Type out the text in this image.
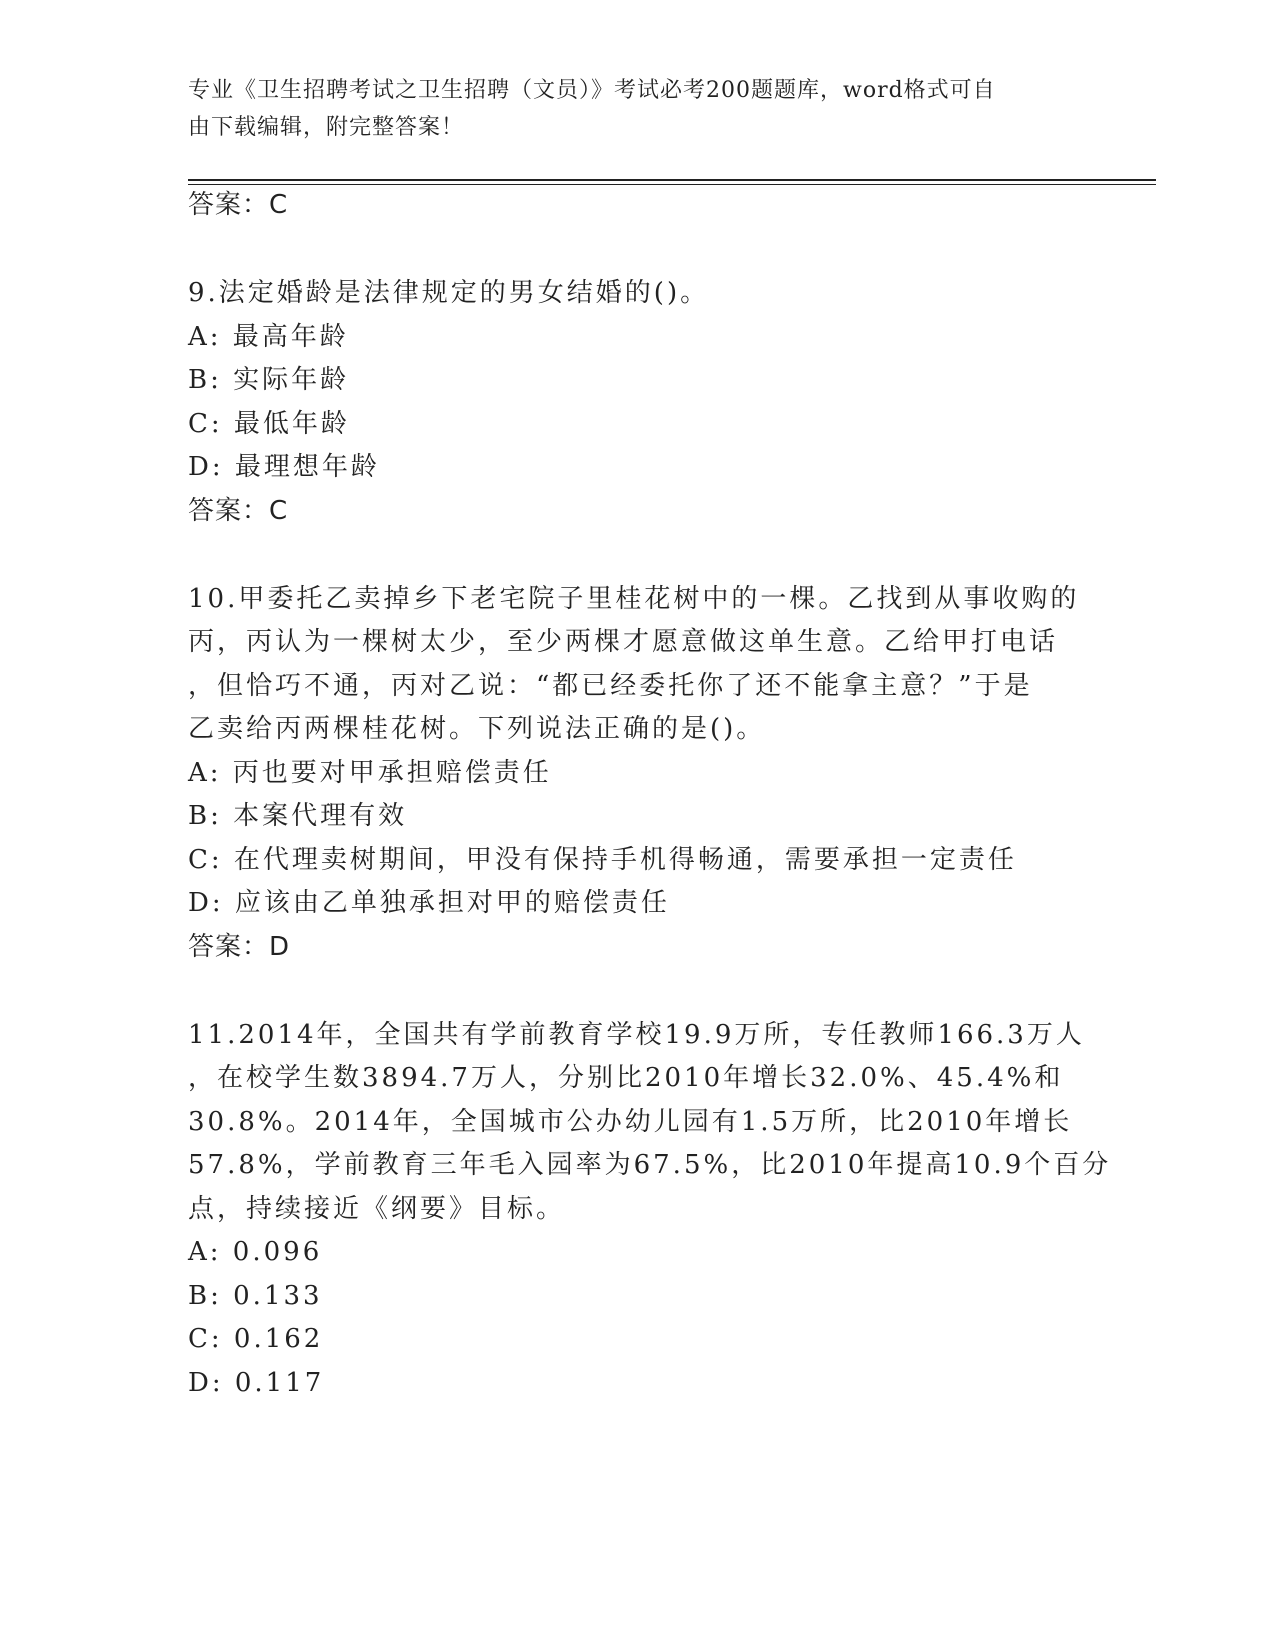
专业《卫生招聘考试之卫生招聘（文员）》考试必考200题题库，word格式可自
由下载编辑，附完整答案！
答案：C
9.法定婚龄是法律规定的男女结婚的()。
A: 最高年龄
B: 实际年龄
C: 最低年龄
D: 最理想年龄
答案：C
10.甲委托乙卖掉乡下老宅院子里桂花树中的一棵。乙找到从事收购的
丙，丙认为一棵树太少，至少两棵才愿意做这单生意。乙给甲打电话
，但恰巧不通，丙对乙说：“都已经委托你了还不能拿主意？”于是
乙卖给丙两棵桂花树。下列说法正确的是()。
A: 丙也要对甲承担赔偿责任
B: 本案代理有效
C: 在代理卖树期间，甲没有保持手机得畅通，需要承担一定责任
D: 应该由乙单独承担对甲的赔偿责任
答案：D
11.2014年，全国共有学前教育学校19.9万所，专任教师166.3万人
，在校学生数3894.7万人，分别比2010年增长32.0%、45.4%和
30.8%。2014年，全国城市公办幼儿园有1.5万所，比2010年增长
57.8%，学前教育三年毛入园率为67.5%，比2010年提高10.9个百分
点，持续接近《纲要》目标。
A: 0.096
B: 0.133
C: 0.162
D: 0.117
